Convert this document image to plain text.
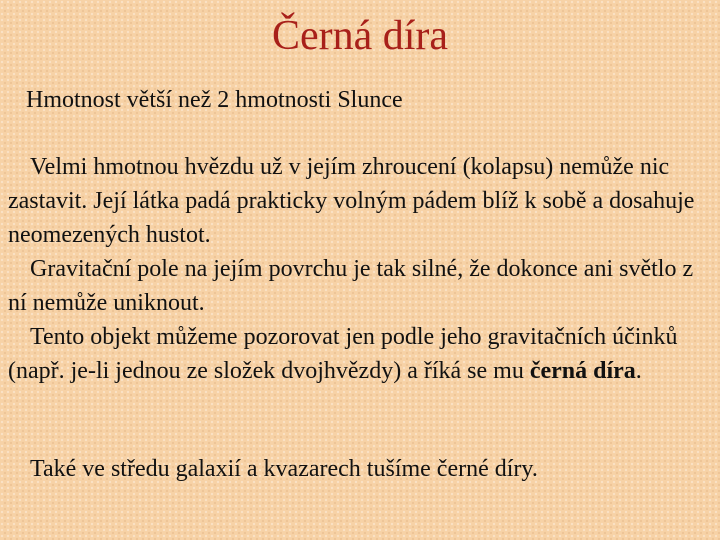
Černá díra

Hmotnost větší než 2 hmotnosti Slunce

Velmi hmotnou hvězdu už v jejím zhroucení (kolapsu) nemůže nic zastavit. Její látka padá prakticky volným pádem blíž k sobě a dosahuje neomezených hustot.

Gravitační pole na jejím povrchu je tak silné, že dokonce ani světlo z ní nemůže uniknout.

Tento objekt můžeme pozorovat jen podle jeho gravitačních účinků (např. je-li jednou ze složek dvojhvězdy) a říká se mu černá díra.

Také ve středu galaxií a kvazarech tušíme černé díry.
